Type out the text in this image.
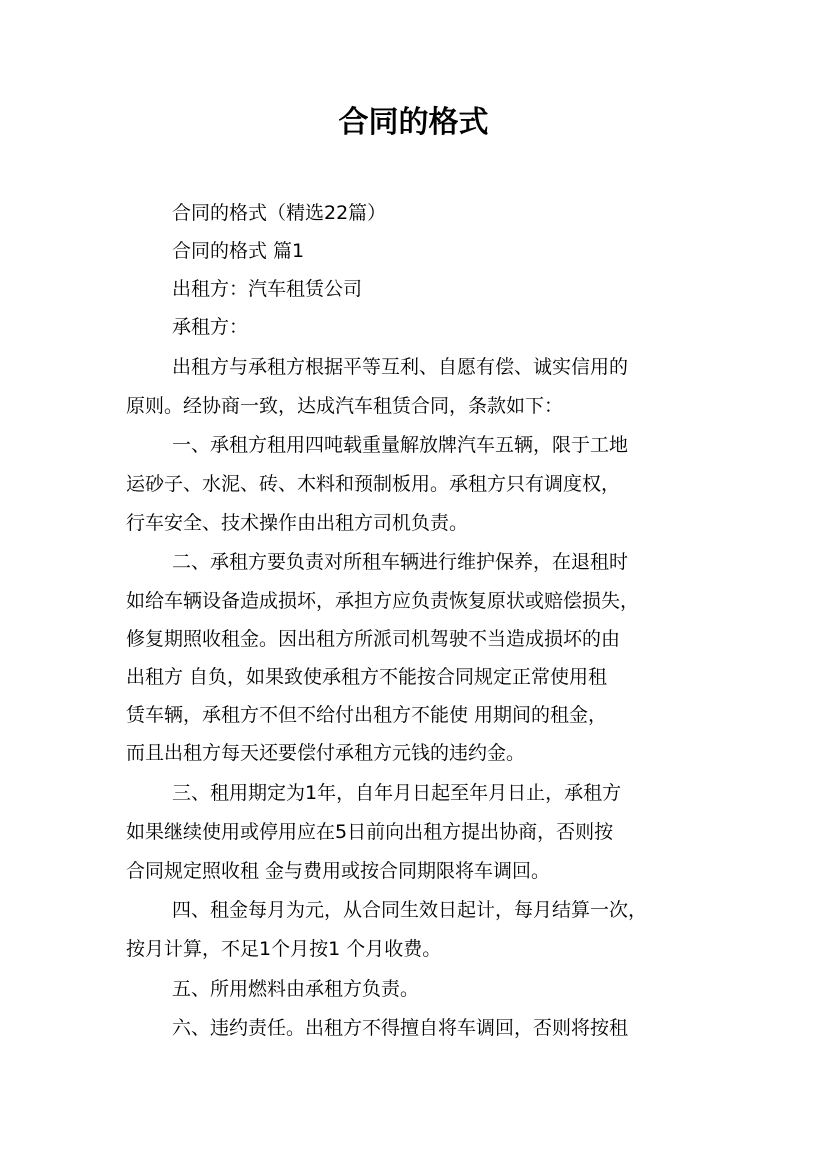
合同的格式

合同的格式（精选22篇）

合同的格式 篇1

出租方：汽车租赁公司

承租方：

出租方与承租方根据平等互利、自愿有偿、诚实信用的

原则。经协商一致，达成汽车租赁合同，条款如下：

一、承租方租用四吨载重量解放牌汽车五辆，限于工地

运砂子、水泥、砖、木料和预制板用。承租方只有调度权，

行车安全、技术操作由出租方司机负责。

二、承租方要负责对所租车辆进行维护保养，在退租时

如给车辆设备造成损坏，承担方应负责恢复原状或赔偿损失，

修复期照收租金。因出租方所派司机驾驶不当造成损坏的由

出租方 自负，如果致使承租方不能按合同规定正常使用租

赁车辆，承租方不但不给付出租方不能使 用期间的租金，

而且出租方每天还要偿付承租方元钱的违约金。

三、租用期定为1年，自年月日起至年月日止，承租方

如果继续使用或停用应在5日前向出租方提出协商，否则按

合同规定照收租 金与费用或按合同期限将车调回。

四、租金每月为元，从合同生效日起计，每月结算一次，

按月计算，不足1个月按1 个月收费。

五、所用燃料由承租方负责。

六、违约责任。出租方不得擅自将车调回，否则将按租
